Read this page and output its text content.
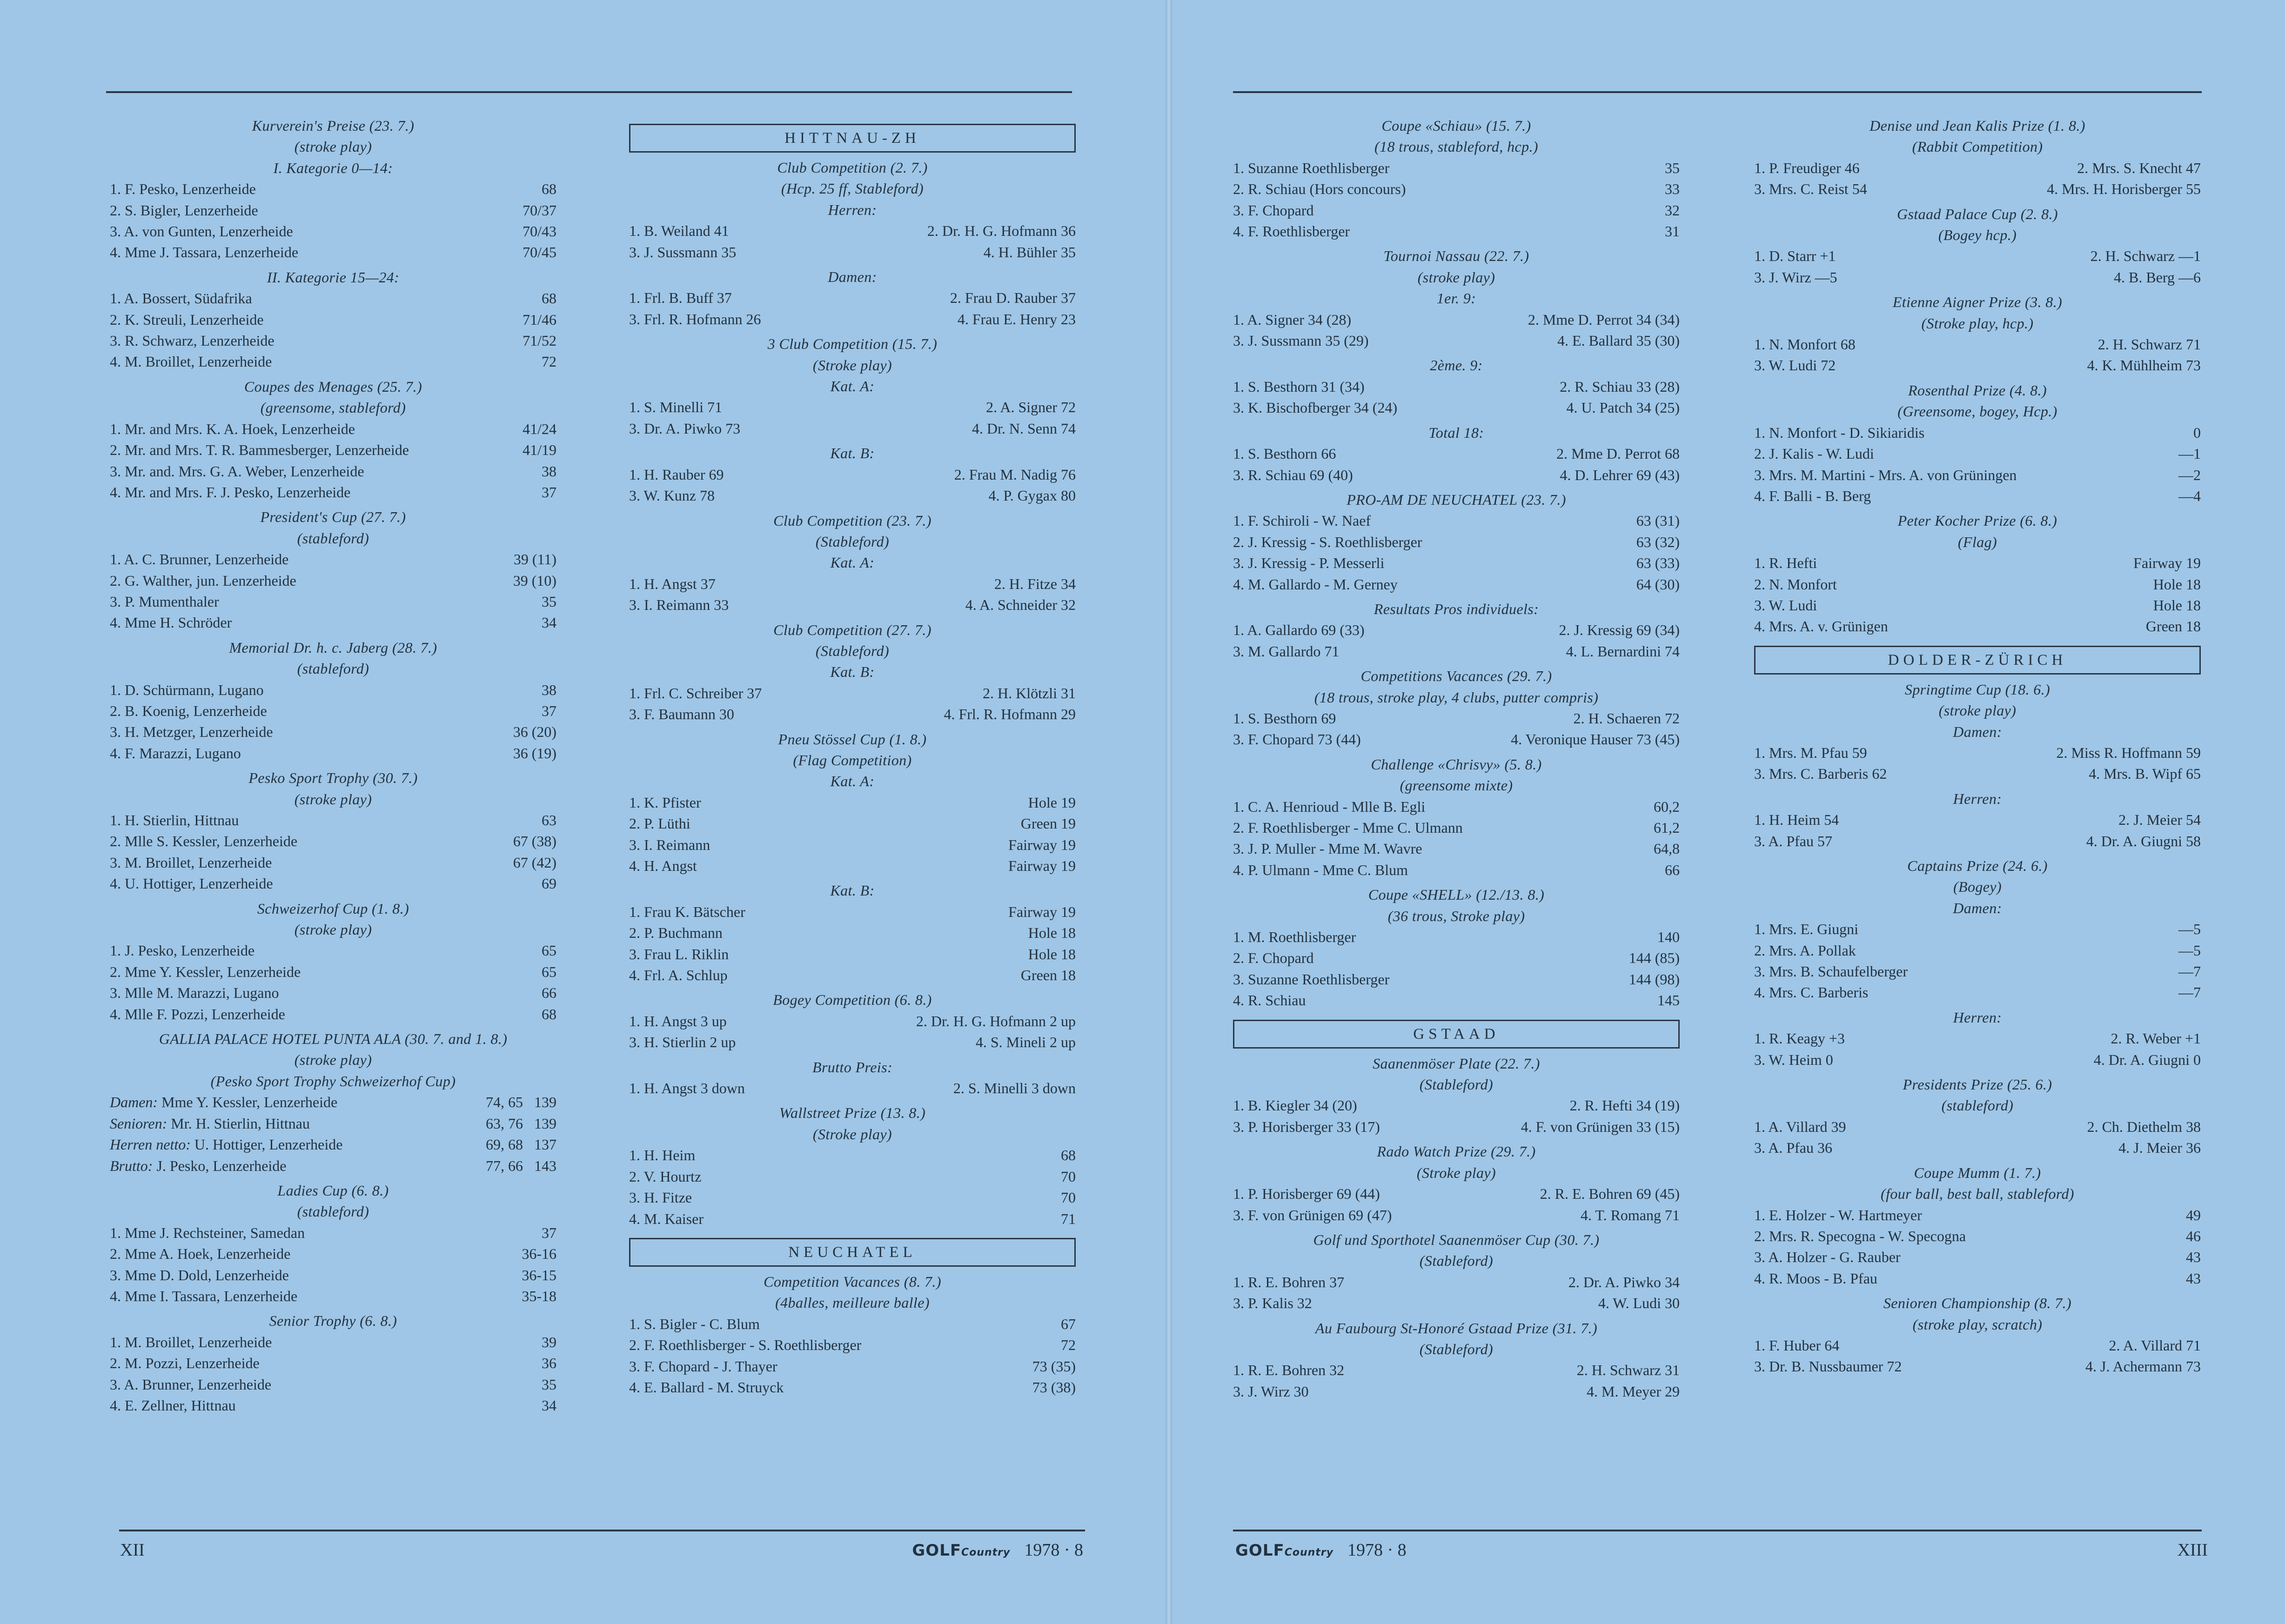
Kurverein's Preise (23. 7.)
(stroke play)
I. Kategorie 0—14:
1. F. Pesko, Lenzerheide	68
2. S. Bigler, Lenzerheide	70/37
3. A. von Gunten, Lenzerheide	70/43
4. Mme J. Tassara, Lenzerheide	70/45
II. Kategorie 15—24:
1. A. Bossert, Südafrika	68
2. K. Streuli, Lenzerheide	71/46
3. R. Schwarz, Lenzerheide	71/52
4. M. Broillet, Lenzerheide	72
Coupes des Menages (25. 7.)
(greensome, stableford)
1. Mr. and Mrs. K. A. Hoek, Lenzerheide	41/24
2. Mr. and Mrs. T. R. Bammesberger, Lenzerheide	41/19
3. Mr. and. Mrs. G. A. Weber, Lenzerheide	38
4. Mr. and Mrs. F. J. Pesko, Lenzerheide	37
President's Cup (27. 7.)
(stableford)
1. A. C. Brunner, Lenzerheide	39 (11)
2. G. Walther, jun. Lenzerheide	39 (10)
3. P. Mumenthaler	35
4. Mme H. Schröder	34
Memorial Dr. h. c. Jaberg (28. 7.)
(stableford)
1. D. Schürmann, Lugano	38
2. B. Koenig, Lenzerheide	37
3. H. Metzger, Lenzerheide	36 (20)
4. F. Marazzi, Lugano	36 (19)
Pesko Sport Trophy (30. 7.)
(stroke play)
1. H. Stierlin, Hittnau	63
2. Mlle S. Kessler, Lenzerheide	67 (38)
3. M. Broillet, Lenzerheide	67 (42)
4. U. Hottiger, Lenzerheide	69
Schweizerhof Cup (1. 8.)
(stroke play)
1. J. Pesko, Lenzerheide	65
2. Mme Y. Kessler, Lenzerheide	65
3. Mlle M. Marazzi, Lugano	66
4. Mlle F. Pozzi, Lenzerheide	68
GALLIA PALACE HOTEL PUNTA ALA (30. 7. and 1. 8.)
(stroke play)
(Pesko Sport Trophy Schweizerhof Cup)
Damen: Mme Y. Kessler, Lenzerheide	74, 65 139
Senioren: Mr. H. Stierlin, Hittnau	63, 76 139
Herren netto: U. Hottiger, Lenzerheide	69, 68 137
Brutto: J. Pesko, Lenzerheide	77, 66 143
Ladies Cup (6. 8.)
(stableford)
1. Mme J. Rechsteiner, Samedan	37
2. Mme A. Hoek, Lenzerheide	36-16
3. Mme D. Dold, Lenzerheide	36-15
4. Mme I. Tassara, Lenzerheide	35-18
Senior Trophy (6. 8.)
1. M. Broillet, Lenzerheide	39
2. M. Pozzi, Lenzerheide	36
3. A. Brunner, Lenzerheide	35
4. E. Zellner, Hittnau	34
HITTNAU-ZH
Club Competition (2. 7.)
(Hcp. 25 ff, Stableford)
Herren:
1. B. Weiland 41	2. Dr. H. G. Hofmann 36
3. J. Sussmann 35	4. H. Bühler 35
Damen:
1. Frl. B. Buff 37	2. Frau D. Rauber 37
3. Frl. R. Hofmann 26	4. Frau E. Henry 23
3 Club Competition (15. 7.)
(Stroke play)
Kat. A:
1. S. Minelli 71	2. A. Signer 72
3. Dr. A. Piwko 73	4. Dr. N. Senn 74
Kat. B:
1. H. Rauber 69	2. Frau M. Nadig 76
3. W. Kunz 78	4. P. Gygax 80
Club Competition (23. 7.)
(Stableford)
Kat. A:
1. H. Angst 37	2. H. Fitze 34
3. I. Reimann 33	4. A. Schneider 32
Club Competition (27. 7.)
(Stableford)
Kat. B:
1. Frl. C. Schreiber 37	2. H. Klötzli 31
3. F. Baumann 30	4. Frl. R. Hofmann 29
Pneu Stössel Cup (1. 8.)
(Flag Competition)
Kat. A:
1. K. Pfister	Hole 19
2. P. Lüthi	Green 19
3. I. Reimann	Fairway 19
4. H. Angst	Fairway 19
Kat. B:
1. Frau K. Bätscher	Fairway 19
2. P. Buchmann	Hole 18
3. Frau L. Riklin	Hole 18
4. Frl. A. Schlup	Green 18
Bogey Competition (6. 8.)
1. H. Angst 3 up	2. Dr. H. G. Hofmann 2 up
3. H. Stierlin 2 up	4. S. Mineli 2 up
Brutto Preis:
1. H. Angst 3 down	2. S. Minelli 3 down
Wallstreet Prize (13. 8.)
(Stroke play)
1. H. Heim	68
2. V. Hourtz	70
3. H. Fitze	70
4. M. Kaiser	71
NEUCHATEL
Competition Vacances (8. 7.)
(4balles, meilleure balle)
1. S. Bigler - C. Blum	67
2. F. Roethlisberger - S. Roethlisberger	72
3. F. Chopard - J. Thayer	73 (35)
4. E. Ballard - M. Struyck	73 (38)
Coupe «Schiau» (15. 7.)
(18 trous, stableford, hcp.)
1. Suzanne Roethlisberger	35
2. R. Schiau (Hors concours)	33
3. F. Chopard	32
4. F. Roethlisberger	31
Tournoi Nassau (22. 7.)
(stroke play)
1er. 9:
1. A. Signer 34 (28)	2. Mme D. Perrot 34 (34)
3. J. Sussmann 35 (29)	4. E. Ballard 35 (30)
2ème. 9:
1. S. Besthorn 31 (34)	2. R. Schiau 33 (28)
3. K. Bischofberger 34 (24)	4. U. Patch 34 (25)
Total 18:
1. S. Besthorn 66	2. Mme D. Perrot 68
3. R. Schiau 69 (40)	4. D. Lehrer 69 (43)
PRO-AM DE NEUCHATEL (23. 7.)
1. F. Schiroli - W. Naef	63 (31)
2. J. Kressig - S. Roethlisberger	63 (32)
3. J. Kressig - P. Messerli	63 (33)
4. M. Gallardo - M. Gerney	64 (30)
Resultats Pros individuels:
1. A. Gallardo 69 (33)	2. J. Kressig 69 (34)
3. M. Gallardo 71	4. L. Bernardini 74
Competitions Vacances (29. 7.)
(18 trous, stroke play, 4 clubs, putter compris)
1. S. Besthorn 69	2. H. Schaeren 72
3. F. Chopard 73 (44)	4. Veronique Hauser 73 (45)
Challenge «Chrisvy» (5. 8.)
(greensome mixte)
1. C. A. Henrioud - Mlle B. Egli	60,2
2. F. Roethlisberger - Mme C. Ulmann	61,2
3. J. P. Muller - Mme M. Wavre	64,8
4. P. Ulmann - Mme C. Blum	66
Coupe «SHELL» (12./13. 8.)
(36 trous, Stroke play)
1. M. Roethlisberger	140
2. F. Chopard	144 (85)
3. Suzanne Roethlisberger	144 (98)
4. R. Schiau	145
GSTAAD
Saanenmöser Plate (22. 7.)
(Stableford)
1. B. Kiegler 34 (20)	2. R. Hefti 34 (19)
3. P. Horisberger 33 (17)	4. F. von Grünigen 33 (15)
Rado Watch Prize (29. 7.)
(Stroke play)
1. P. Horisberger 69 (44)	2. R. E. Bohren 69 (45)
3. F. von Grünigen 69 (47)	4. T. Romang 71
Golf und Sporthotel Saanenmöser Cup (30. 7.)
(Stableford)
1. R. E. Bohren 37	2. Dr. A. Piwko 34
3. P. Kalis 32	4. W. Ludi 30
Au Faubourg St-Honoré Gstaad Prize (31. 7.)
(Stableford)
1. R. E. Bohren 32	2. H. Schwarz 31
3. J. Wirz 30	4. M. Meyer 29
Denise und Jean Kalis Prize (1. 8.)
(Rabbit Competition)
1. P. Freudiger 46	2. Mrs. S. Knecht 47
3. Mrs. C. Reist 54	4. Mrs. H. Horisberger 55
Gstaad Palace Cup (2. 8.)
(Bogey hcp.)
1. D. Starr +1	2. H. Schwarz —1
3. J. Wirz —5	4. B. Berg —6
Etienne Aigner Prize (3. 8.)
(Stroke play, hcp.)
1. N. Monfort 68	2. H. Schwarz 71
3. W. Ludi 72	4. K. Mühlheim 73
Rosenthal Prize (4. 8.)
(Greensome, bogey, Hcp.)
1. N. Monfort - D. Sikiaridis	0
2. J. Kalis - W. Ludi	—1
3. Mrs. M. Martini - Mrs. A. von Grüningen	—2
4. F. Balli - B. Berg	—4
Peter Kocher Prize (6. 8.)
(Flag)
1. R. Hefti	Fairway 19
2. N. Monfort	Hole 18
3. W. Ludi	Hole 18
4. Mrs. A. v. Grünigen	Green 18
DOLDER-ZÜRICH
Springtime Cup (18. 6.)
(stroke play)
Damen:
1. Mrs. M. Pfau 59	2. Miss R. Hoffmann 59
3. Mrs. C. Barberis 62	4. Mrs. B. Wipf 65
Herren:
1. H. Heim 54	2. J. Meier 54
3. A. Pfau 57	4. Dr. A. Giugni 58
Captains Prize (24. 6.)
(Bogey)
Damen:
1. Mrs. E. Giugni	—5
2. Mrs. A. Pollak	—5
3. Mrs. B. Schaufelberger	—7
4. Mrs. C. Barberis	—7
Herren:
1. R. Keagy +3	2. R. Weber +1
3. W. Heim 0	4. Dr. A. Giugni 0
Presidents Prize (25. 6.)
(stableford)
1. A. Villard 39	2. Ch. Diethelm 38
3. A. Pfau 36	4. J. Meier 36
Coupe Mumm (1. 7.)
(four ball, best ball, stableford)
1. E. Holzer - W. Hartmeyer	49
2. Mrs. R. Specogna - W. Specogna	46
3. A. Holzer - G. Rauber	43
4. R. Moos - B. Pfau	43
Senioren Championship (8. 7.)
(stroke play, scratch)
1. F. Huber 64	2. A. Villard 71
3. Dr. B. Nussbaumer 72	4. J. Achermann 73
XII	GOLFCountry 1978 · 8	GOLFCountry 1978 · 8	XIII
